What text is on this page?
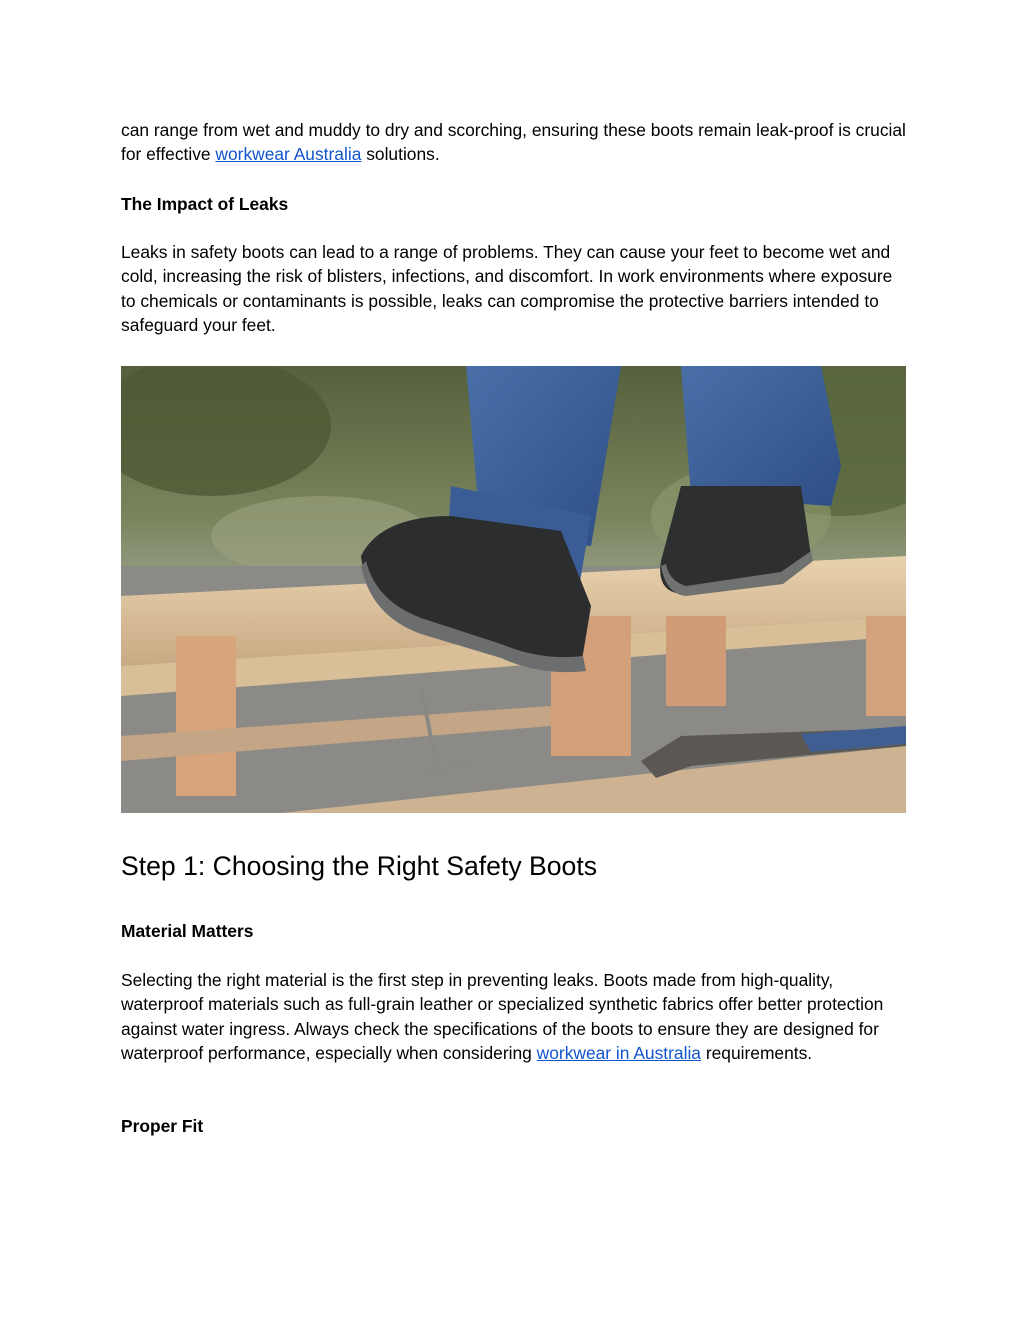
can range from wet and muddy to dry and scorching, ensuring these boots remain leak-proof is crucial for effective workwear Australia solutions.

The Impact of Leaks

Leaks in safety boots can lead to a range of problems. They can cause your feet to become wet and cold, increasing the risk of blisters, infections, and discomfort. In work environments where exposure to chemicals or contaminants is possible, leaks can compromise the protective barriers intended to safeguard your feet.

Step 1: Choosing the Right Safety Boots
Material Matters

Selecting the right material is the first step in preventing leaks. Boots made from high-quality, waterproof materials such as full-grain leather or specialized synthetic fabrics offer better protection against water ingress. Always check the specifications of the boots to ensure they are designed for waterproof performance, especially when considering workwear in Australia requirements.

Proper Fit
